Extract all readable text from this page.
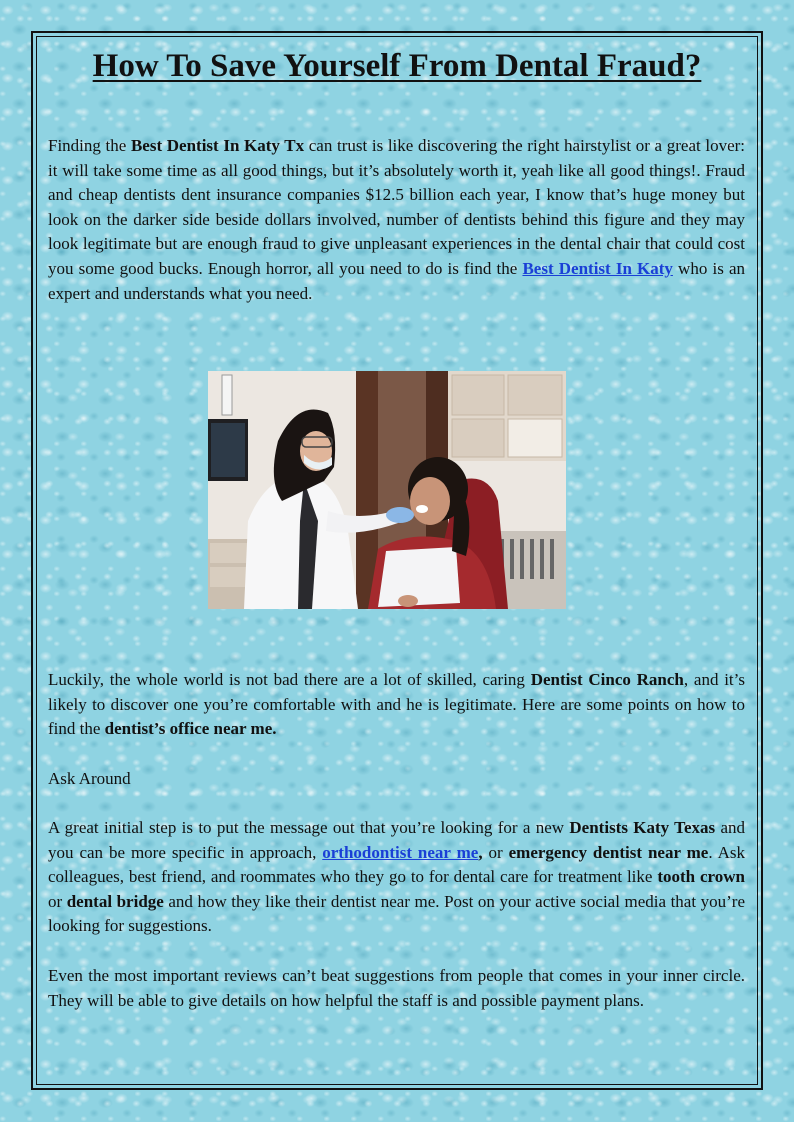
How To Save Yourself From Dental Fraud?

Finding the Best Dentist In Katy Tx can trust is like discovering the right hairstylist or a great lover: it will take some time as all good things, but it’s absolutely worth it, yeah like all good things!. Fraud and cheap dentists dent insurance companies $12.5 billion each year, I know that’s huge money but look on the darker side beside dollars involved, number of dentists behind this figure and they may look legitimate but are enough fraud to give unpleasant experiences in the dental chair that could cost you some good bucks. Enough horror, all you need to do is find the Best Dentist In Katy who is an expert and understands what you need.

Luckily, the whole world is not bad there are a lot of skilled, caring Dentist Cinco Ranch, and it’s likely to discover one you’re comfortable with and he is legitimate. Here are some points on how to find the dentist’s office near me.

Ask Around

A great initial step is to put the message out that you’re looking for a new Dentists Katy Texas and you can be more specific in approach, orthodontist near me, or emergency dentist near me. Ask colleagues, best friend, and roommates who they go to for dental care for treatment like tooth crown or dental bridge and how they like their dentist near me. Post on your active social media that you’re looking for suggestions.

Even the most important reviews can’t beat suggestions from people that comes in your inner circle. They will be able to give details on how helpful the staff is and possible payment plans.
